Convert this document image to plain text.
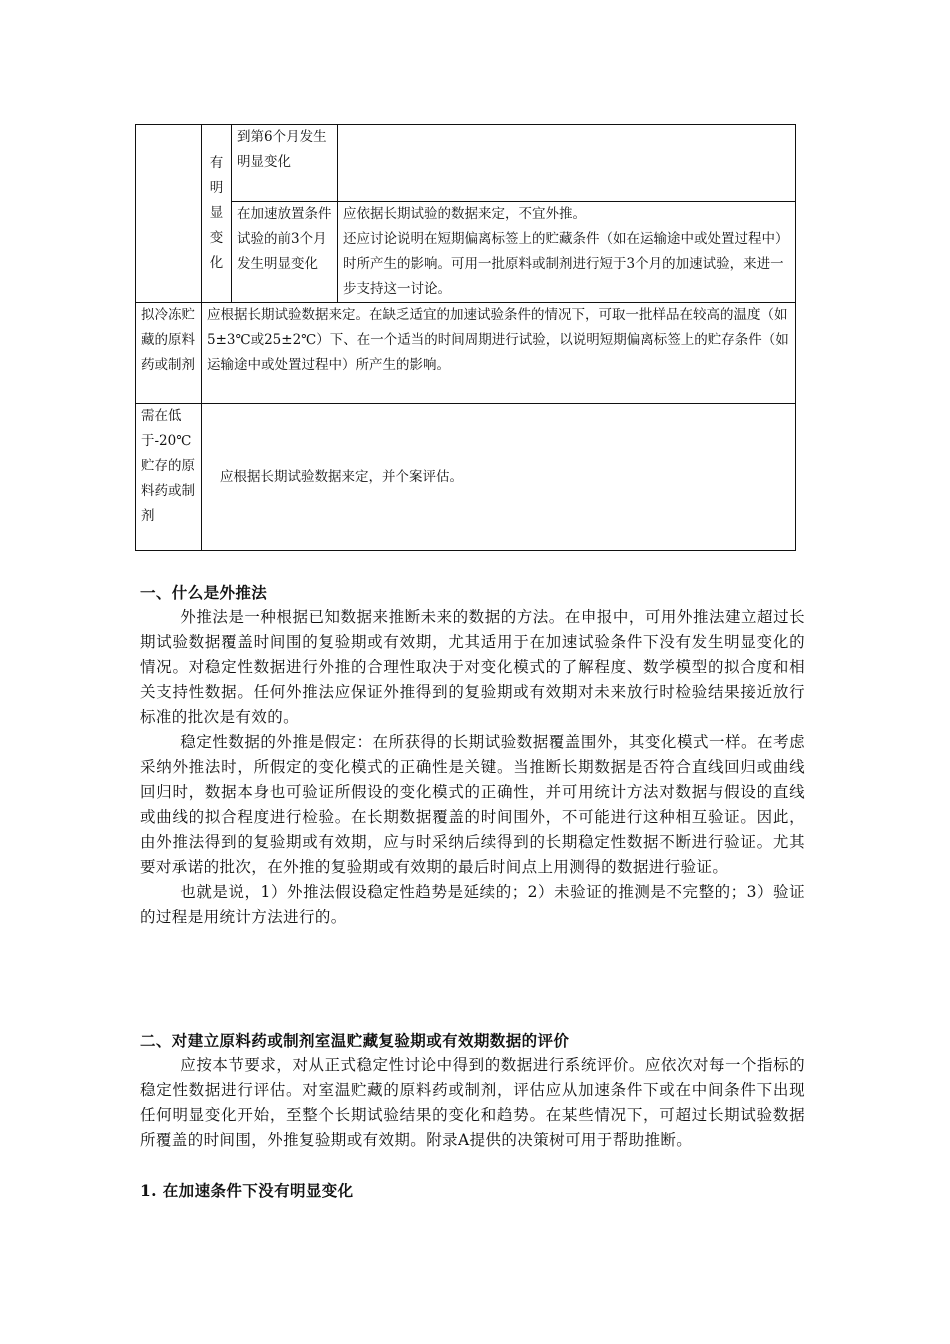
	有明显变化	到第6个月发生明显变化	
		在加速放置条件试验的前3个月发生明显变化	应依据长期试验的数据来定，不宜外推。
还应讨论说明在短期偏离标签上的贮藏条件（如在运输途中或处置过程中）时所产生的影响。可用一批原料或制剂进行短于3个月的加速试验，来进一步支持这一讨论。

拟冷冻贮藏的原料药或制剂	应根据长期试验数据来定。在缺乏适宜的加速试验条件的情况下，可取一批样品在较高的温度（如5±3℃或25±2℃）下、在一个适当的时间周期进行试验，以说明短期偏离标签上的贮存条件（如运输途中或处置过程中）所产生的影响。		
需在低于-20℃贮存的原料药或制剂	应根据长期试验数据来定，并个案评估。		
一、什么是外推法

外推法是一种根据已知数据来推断未来的数据的方法。在申报中，可用外推法建立超过长期试验数据覆盖时间围的复验期或有效期，尤其适用于在加速试验条件下没有发生明显变化的情况。对稳定性数据进行外推的合理性取决于对变化模式的了解程度、数学模型的拟合度和相关支持性数据。任何外推法应保证外推得到的复验期或有效期对未来放行时检验结果接近放行标准的批次是有效的。

稳定性数据的外推是假定：在所获得的长期试验数据覆盖围外，其变化模式一样。在考虑采纳外推法时，所假定的变化模式的正确性是关键。当推断长期数据是否符合直线回归或曲线回归时，数据本身也可验证所假设的变化模式的正确性，并可用统计方法对数据与假设的直线或曲线的拟合程度进行检验。在长期数据覆盖的时间围外，不可能进行这种相互验证。因此，由外推法得到的复验期或有效期，应与时采纳后续得到的长期稳定性数据不断进行验证。尤其要对承诺的批次，在外推的复验期或有效期的最后时间点上用测得的数据进行验证。

也就是说，1）外推法假设稳定性趋势是延续的；2）未验证的推测是不完整的；3）验证的过程是用统计方法进行的。

二、对建立原料药或制剂室温贮藏复验期或有效期数据的评价

应按本节要求，对从正式稳定性讨论中得到的数据进行系统评价。应依次对每一个指标的稳定性数据进行评估。对室温贮藏的原料药或制剂，评估应从加速条件下或在中间条件下出现任何明显变化开始，至整个长期试验结果的变化和趋势。在某些情况下，可超过长期试验数据所覆盖的时间围，外推复验期或有效期。附录A提供的决策树可用于帮助推断。

1. 在加速条件下没有明显变化
